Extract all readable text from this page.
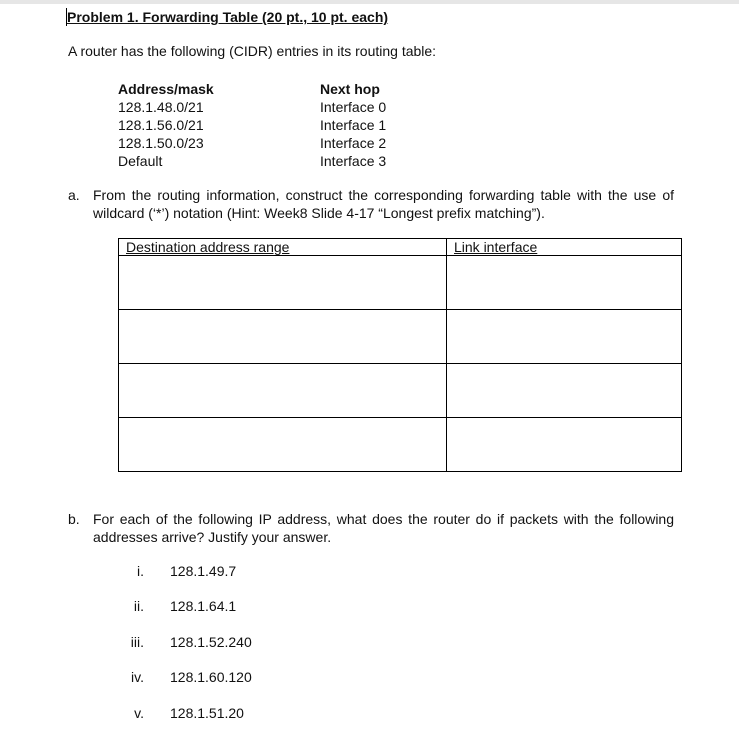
Problem 1. Forwarding Table (20 pt., 10 pt. each)
A router has the following (CIDR) entries in its routing table:
Address/mask	Next hop
128.1.48.0/21	Interface 0
128.1.56.0/21	Interface 1
128.1.50.0/23	Interface 2
Default	Interface 3
a. From the routing information, construct the corresponding forwarding table with the use of wildcard (‘*’) notation (Hint: Week8 Slide 4-17 “Longest prefix matching”).
Destination address range	Link interface

b. For each of the following IP address, what does the router do if packets with the following addresses arrive? Justify your answer.
i. 128.1.49.7
ii. 128.1.64.1
iii. 128.1.52.240
iv. 128.1.60.120
v. 128.1.51.20
